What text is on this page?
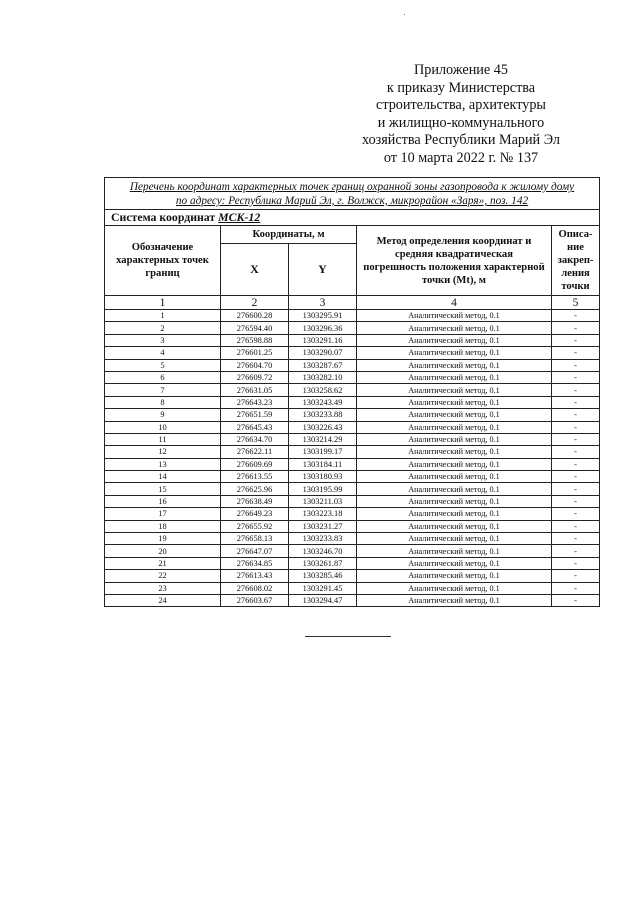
Приложение 45
к приказу Министерства
строительства, архитектуры
и жилищно-коммунального
хозяйства Республики Марий Эл
от 10 марта 2022 г. № 137
Перечень координат характерных точек границ охранной зоны газопровода к жилому дому
по адресу: Республика Марий Эл, г. Волжск, микрорайон «Заря», поз. 142				

Система координат МСК-12				
Обозначение характерных точек границ	Координаты, м		Метод определения координат и средняя квадратическая погрешность положения характерной точки (Mt), м	Описа-ние закреп-ления точки
	X	Y		
1	2	3	4	5
1	276600.28	1303295.91	Аналитический метод, 0.1	-
2	276594.40	1303296.36	Аналитический метод, 0.1	-
3	276598.88	1303291.16	Аналитический метод, 0.1	-
4	276601.25	1303290.07	Аналитический метод, 0.1	-
5	276604.70	1303287.67	Аналитический метод, 0.1	-
6	276609.72	1303282.10	Аналитический метод, 0.1	-
7	276631.05	1303258.62	Аналитический метод, 0.1	-
8	276643.23	1303243.49	Аналитический метод, 0.1	-
9	276651.59	1303233.88	Аналитический метод, 0.1	-
10	276645.43	1303226.43	Аналитический метод, 0.1	-
11	276634.70	1303214.29	Аналитический метод, 0.1	-
12	276622.11	1303199.17	Аналитический метод, 0.1	-
13	276609.69	1303184.11	Аналитический метод, 0.1	-
14	276613.55	1303180.93	Аналитический метод, 0.1	-
15	276625.96	1303195.99	Аналитический метод, 0.1	-
16	276638.49	1303211.03	Аналитический метод, 0.1	-
17	276649.23	1303223.18	Аналитический метод, 0.1	-
18	276655.92	1303231.27	Аналитический метод, 0.1	-
19	276658.13	1303233.83	Аналитический метод, 0.1	-
20	276647.07	1303246.70	Аналитический метод, 0.1	-
21	276634.85	1303261.87	Аналитический метод, 0.1	-
22	276613.43	1303285.46	Аналитический метод, 0.1	-
23	276608.02	1303291.45	Аналитический метод, 0.1	-
24	276603.67	1303294.47	Аналитический метод, 0.1	-
